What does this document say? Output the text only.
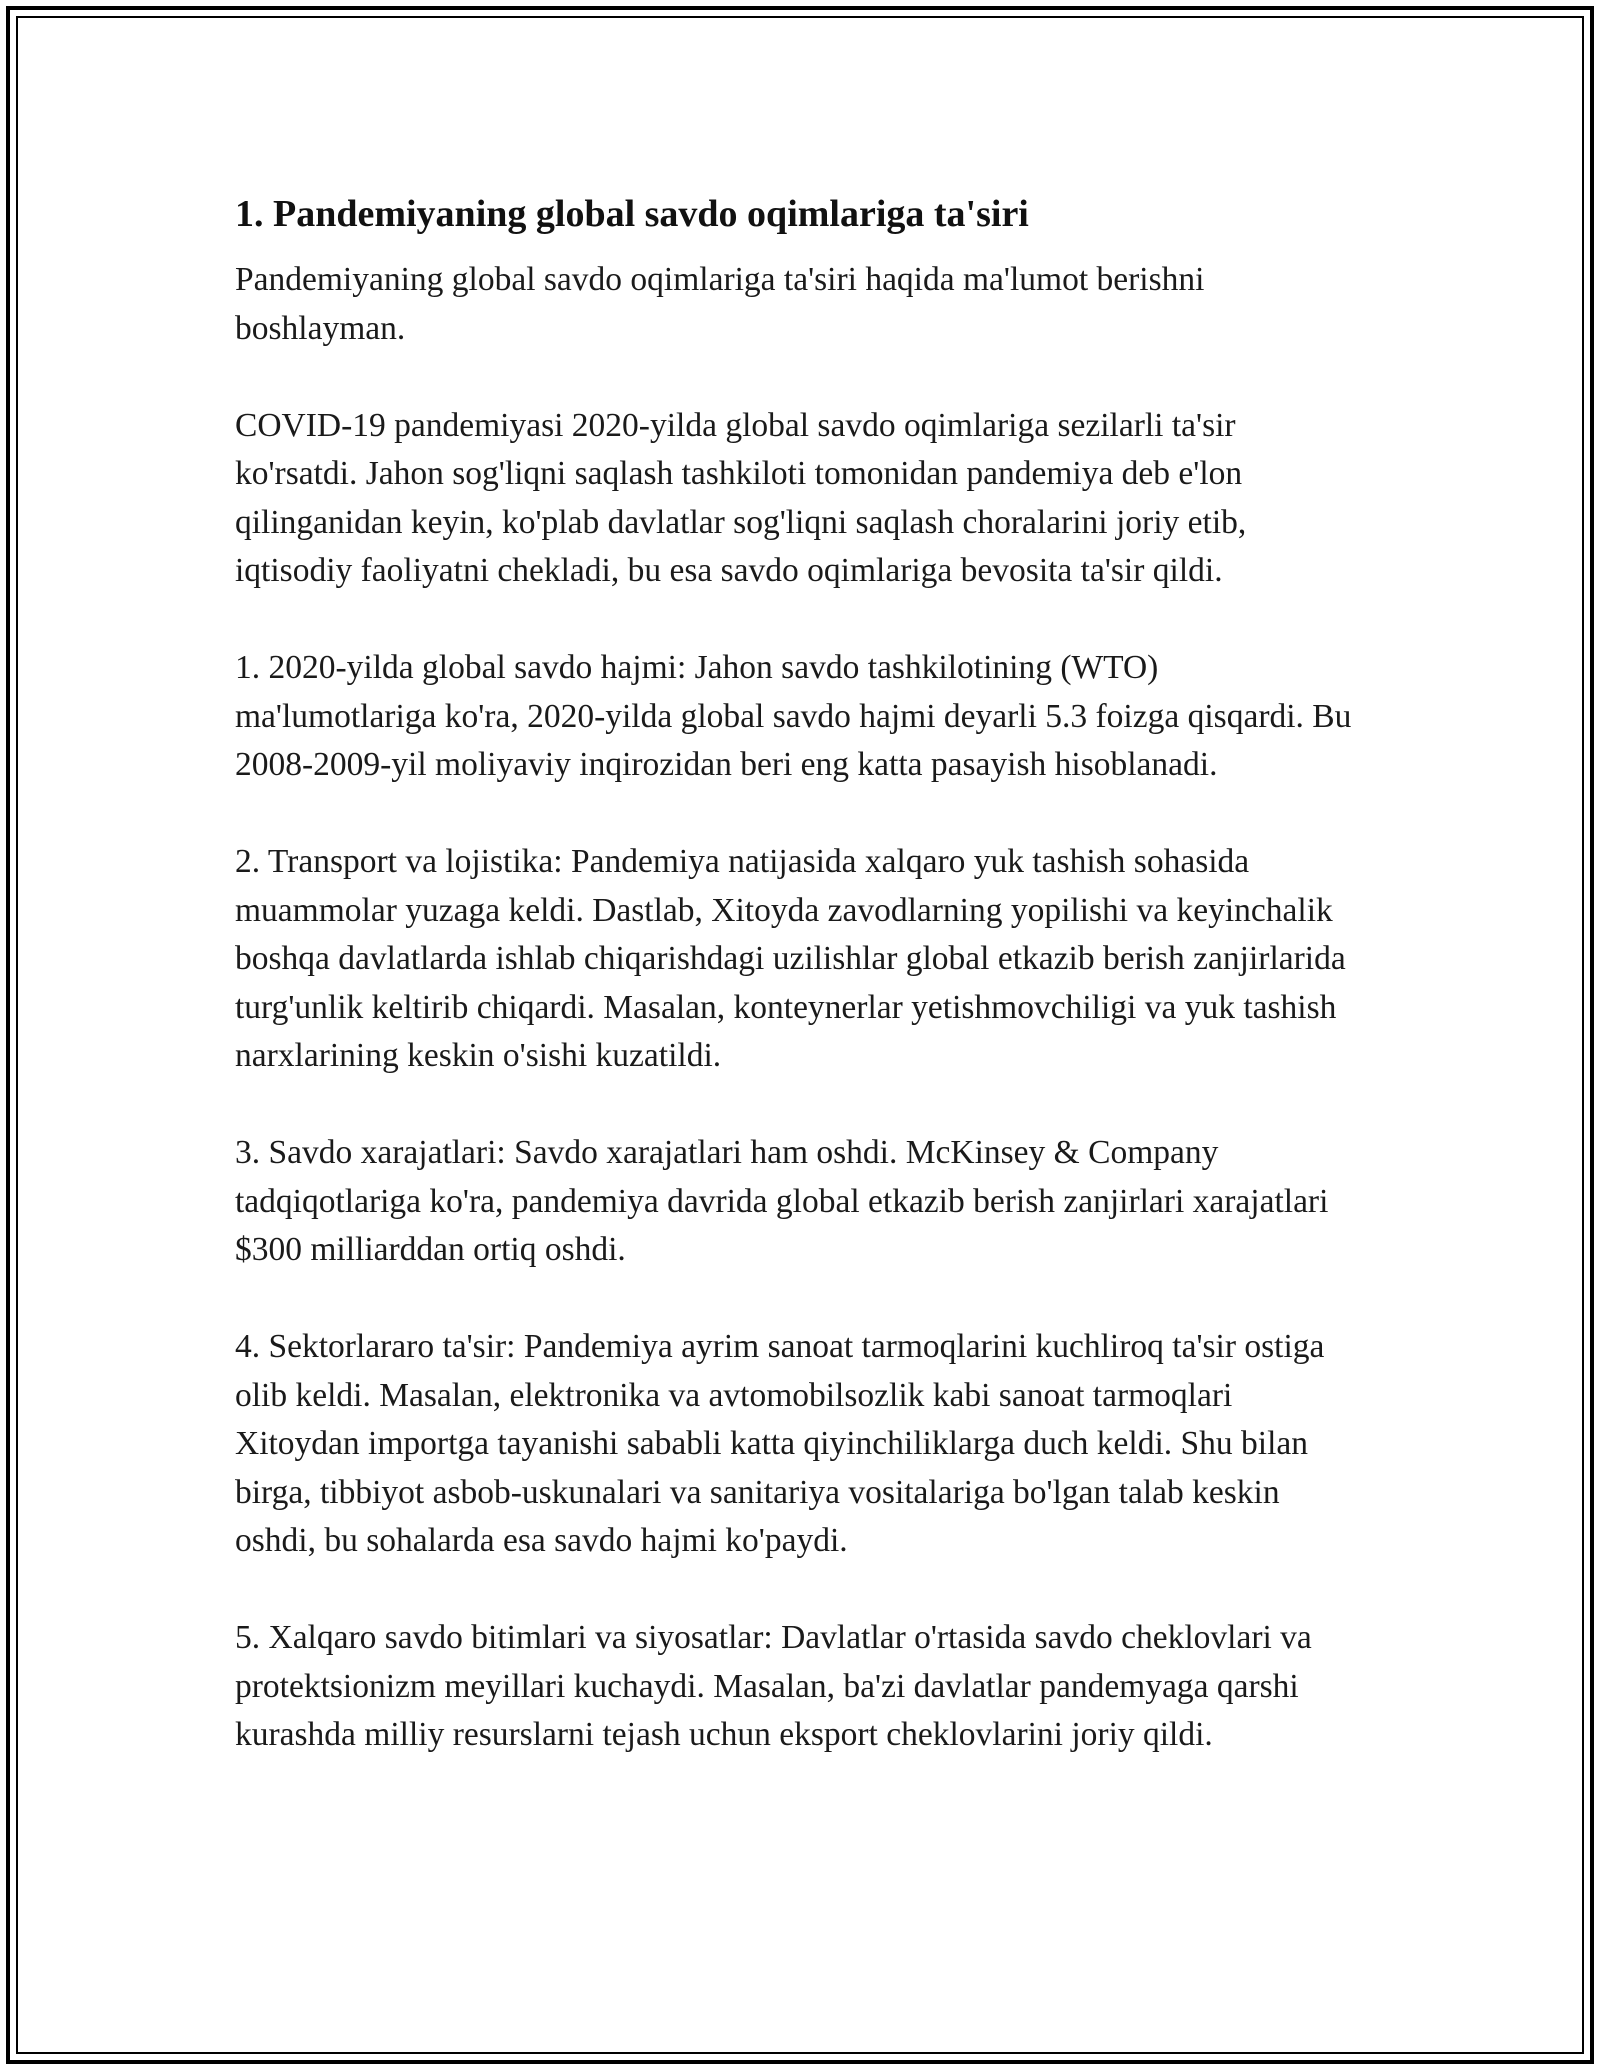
1. Pandemiyaning global savdo oqimlariga ta'siri

Pandemiyaning global savdo oqimlariga ta'siri haqida ma'lumot berishni boshlayman.

COVID-19 pandemiyasi 2020-yilda global savdo oqimlariga sezilarli ta'sir ko'rsatdi. Jahon sog'liqni saqlash tashkiloti tomonidan pandemiya deb e'lon qilinganidan keyin, ko'plab davlatlar sog'liqni saqlash choralarini joriy etib, iqtisodiy faoliyatni chekladi, bu esa savdo oqimlariga bevosita ta'sir qildi.

1. 2020-yilda global savdo hajmi: Jahon savdo tashkilotining (WTO) ma'lumotlariga ko'ra, 2020-yilda global savdo hajmi deyarli 5.3 foizga qisqardi. Bu 2008-2009-yil moliyaviy inqirozidan beri eng katta pasayish hisoblanadi.

2. Transport va lojistika: Pandemiya natijasida xalqaro yuk tashish sohasida muammolar yuzaga keldi. Dastlab, Xitoyda zavodlarning yopilishi va keyinchalik boshqa davlatlarda ishlab chiqarishdagi uzilishlar global etkazib berish zanjirlarida turg'unlik keltirib chiqardi. Masalan, konteynerlar yetishmovchiligi va yuk tashish narxlarining keskin o'sishi kuzatildi.

3. Savdo xarajatlari: Savdo xarajatlari ham oshdi. McKinsey & Company tadqiqotlariga ko'ra, pandemiya davrida global etkazib berish zanjirlari xarajatlari $300 milliarddan ortiq oshdi.

4. Sektorlararo ta'sir: Pandemiya ayrim sanoat tarmoqlarini kuchliroq ta'sir ostiga olib keldi. Masalan, elektronika va avtomobilsozlik kabi sanoat tarmoqlari Xitoydan importga tayanishi sababli katta qiyinchiliklarga duch keldi. Shu bilan birga, tibbiyot asbob-uskunalari va sanitariya vositalariga bo'lgan talab keskin oshdi, bu sohalarda esa savdo hajmi ko'paydi.

5. Xalqaro savdo bitimlari va siyosatlar: Davlatlar o'rtasida savdo cheklovlari va protektsionizm meyillari kuchaydi. Masalan, ba'zi davlatlar pandemyaga qarshi kurashda milliy resurslarni tejash uchun eksport cheklovlarini joriy qildi.
